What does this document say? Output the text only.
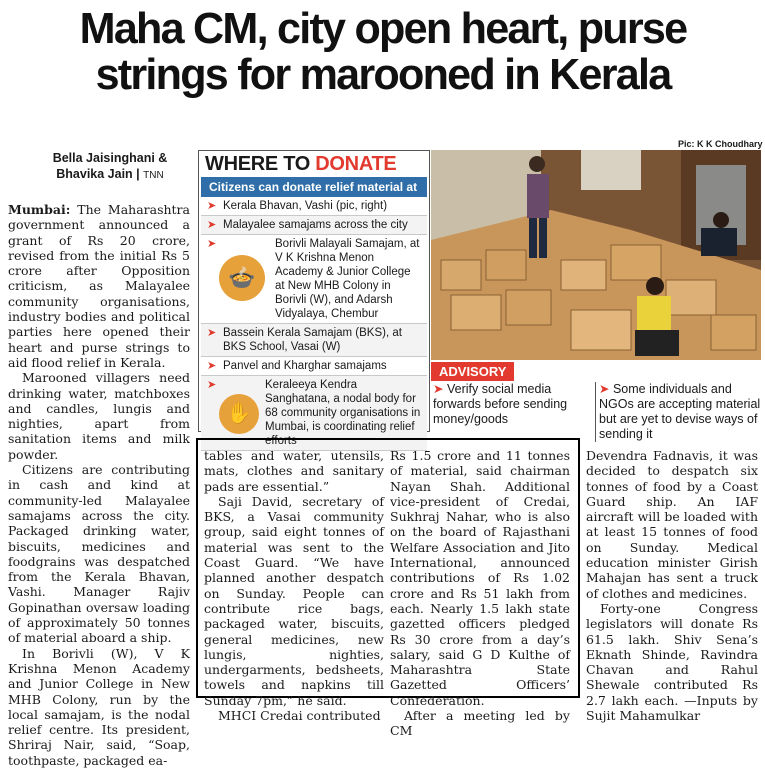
Maha CM, city open heart, purse
strings for marooned in Kerala
Bella Jaisinghani &
Bhavika Jain | TNN
Pic: K K Choudhary
WHERE TO DONATE
Citizens can donate relief material at
➤ Kerala Bhavan, Vashi (pic, right)
➤ Malayalee samajams across the city
➤
🍲
Borivli Malayali Samajam, at V K Krishna Menon Academy & Junior College at New MHB Colony in Borivli (W), and Adarsh Vidyalaya, Chembur
➤ Bassein Kerala Samajam (BKS), at BKS School, Vasai (W)
➤ Panvel and Kharghar samajams
➤
✋
Keraleeya Kendra Sanghatana, a nodal body for 68 community organisations in Mumbai, is coordinating relief efforts
ADVISORY
➤ Verify social media forwards before sending money/goods
➤ Some individuals and NGOs are accepting material but are yet to devise ways of sending it

Mumbai: The Maharashtra government announced a grant of Rs 20 crore, revised from the initial Rs 5 crore after Opposition criticism, as Malayalee community organisations, industry bodies and political parties here opened their heart and purse strings to aid flood relief in Kerala.

Marooned villagers need drinking water, matchboxes and candles, lungis and nighties, apart from sanitation items and milk powder.

Citizens are contributing in cash and kind at community-led Malayalee samajams across the city. Packaged drinking water, biscuits, medicines and foodgrains was despatched from the Kerala Bhavan, Vashi. Manager Rajiv Gopinathan oversaw loading of approximately 50 tonnes of material aboard a ship.

In Borivli (W), V K Krishna Menon Academy and Junior College in New MHB Colony, run by the local samajam, is the nodal relief centre. Its president, Shriraj Nair, said, “Soap, toothpaste, packaged ea-

tables and water, utensils, mats, clothes and sanitary pads are essential.”

Saji David, secretary of BKS, a Vasai community group, said eight tonnes of material was sent to the Coast Guard. “We have planned another despatch on Sunday. People can contribute rice bags, packaged water, biscuits, general medicines, new lungis, nighties, undergarments, bedsheets, towels and napkins till Sunday 7pm,” he said.

MHCI Credai contributed

Rs 1.5 crore and 11 tonnes of material, said chairman Nayan Shah. Additional vice-president of Credai, Sukhraj Nahar, who is also on the board of Rajasthani Welfare Association and Jito International, announced contributions of Rs 1.02 crore and Rs 51 lakh from each. Nearly 1.5 lakh state gazetted officers pledged Rs 30 crore from a day’s salary, said G D Kulthe of Maharashtra State Gazetted Officers’ Confederation.

After a meeting led by CM

Devendra Fadnavis, it was decided to despatch six tonnes of food by a Coast Guard ship. An IAF aircraft will be loaded with at least 15 tonnes of food on Sunday. Medical education minister Girish Mahajan has sent a truck of clothes and medicines.

Forty-one Congress legislators will donate Rs 61.5 lakh. Shiv Sena’s Eknath Shinde, Ravindra Chavan and Rahul Shewale contributed Rs 2.7 lakh each. —Inputs by Sujit Mahamulkar
